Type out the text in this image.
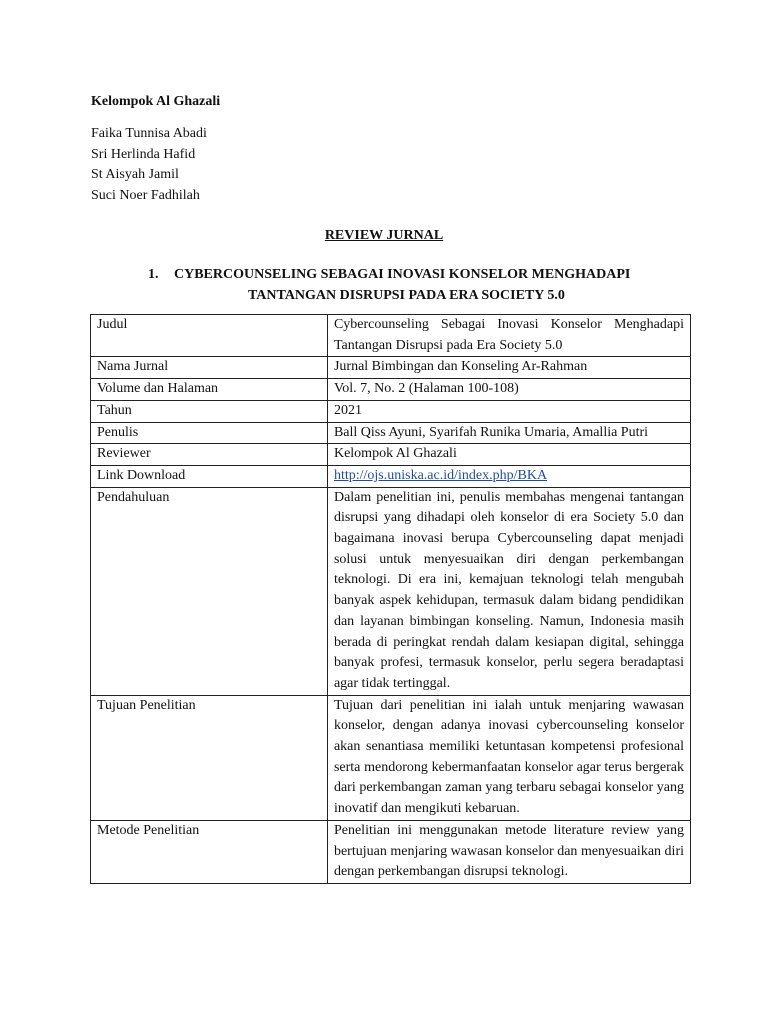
Kelompok Al Ghazali
Faika Tunnisa Abadi
Sri Herlinda Hafid
St Aisyah Jamil
Suci Noer Fadhilah
REVIEW JURNAL
1. CYBERCOUNSELING SEBAGAI INOVASI KONSELOR MENGHADAPI
TANTANGAN DISRUPSI PADA ERA SOCIETY 5.0
Judul	Cybercounseling Sebagai Inovasi Konselor Menghadapi Tantangan Disrupsi pada Era Society 5.0
Nama Jurnal	Jurnal Bimbingan dan Konseling Ar-Rahman
Volume dan Halaman	Vol. 7, No. 2 (Halaman 100-108)
Tahun	2021
Penulis	Ball Qiss Ayuni, Syarifah Runika Umaria, Amallia Putri
Reviewer	Kelompok Al Ghazali
Link Download	http://ojs.uniska.ac.id/index.php/BKA
Pendahuluan	Dalam penelitian ini, penulis membahas mengenai tantangan disrupsi yang dihadapi oleh konselor di era Society 5.0 dan bagaimana inovasi berupa Cybercounseling dapat menjadi solusi untuk menyesuaikan diri dengan perkembangan teknologi. Di era ini, kemajuan teknologi telah mengubah banyak aspek kehidupan, termasuk dalam bidang pendidikan dan layanan bimbingan konseling. Namun, Indonesia masih berada di peringkat rendah dalam kesiapan digital, sehingga banyak profesi, termasuk konselor, perlu segera beradaptasi agar tidak tertinggal.
Tujuan Penelitian	Tujuan dari penelitian ini ialah untuk menjaring wawasan konselor, dengan adanya inovasi cybercounseling konselor akan senantiasa memiliki ketuntasan kompetensi profesional serta mendorong kebermanfaatan konselor agar terus bergerak dari perkembangan zaman yang terbaru sebagai konselor yang inovatif dan mengikuti kebaruan.
Metode Penelitian	Penelitian ini menggunakan metode literature review yang bertujuan menjaring wawasan konselor dan menyesuaikan diri dengan perkembangan disrupsi teknologi.
